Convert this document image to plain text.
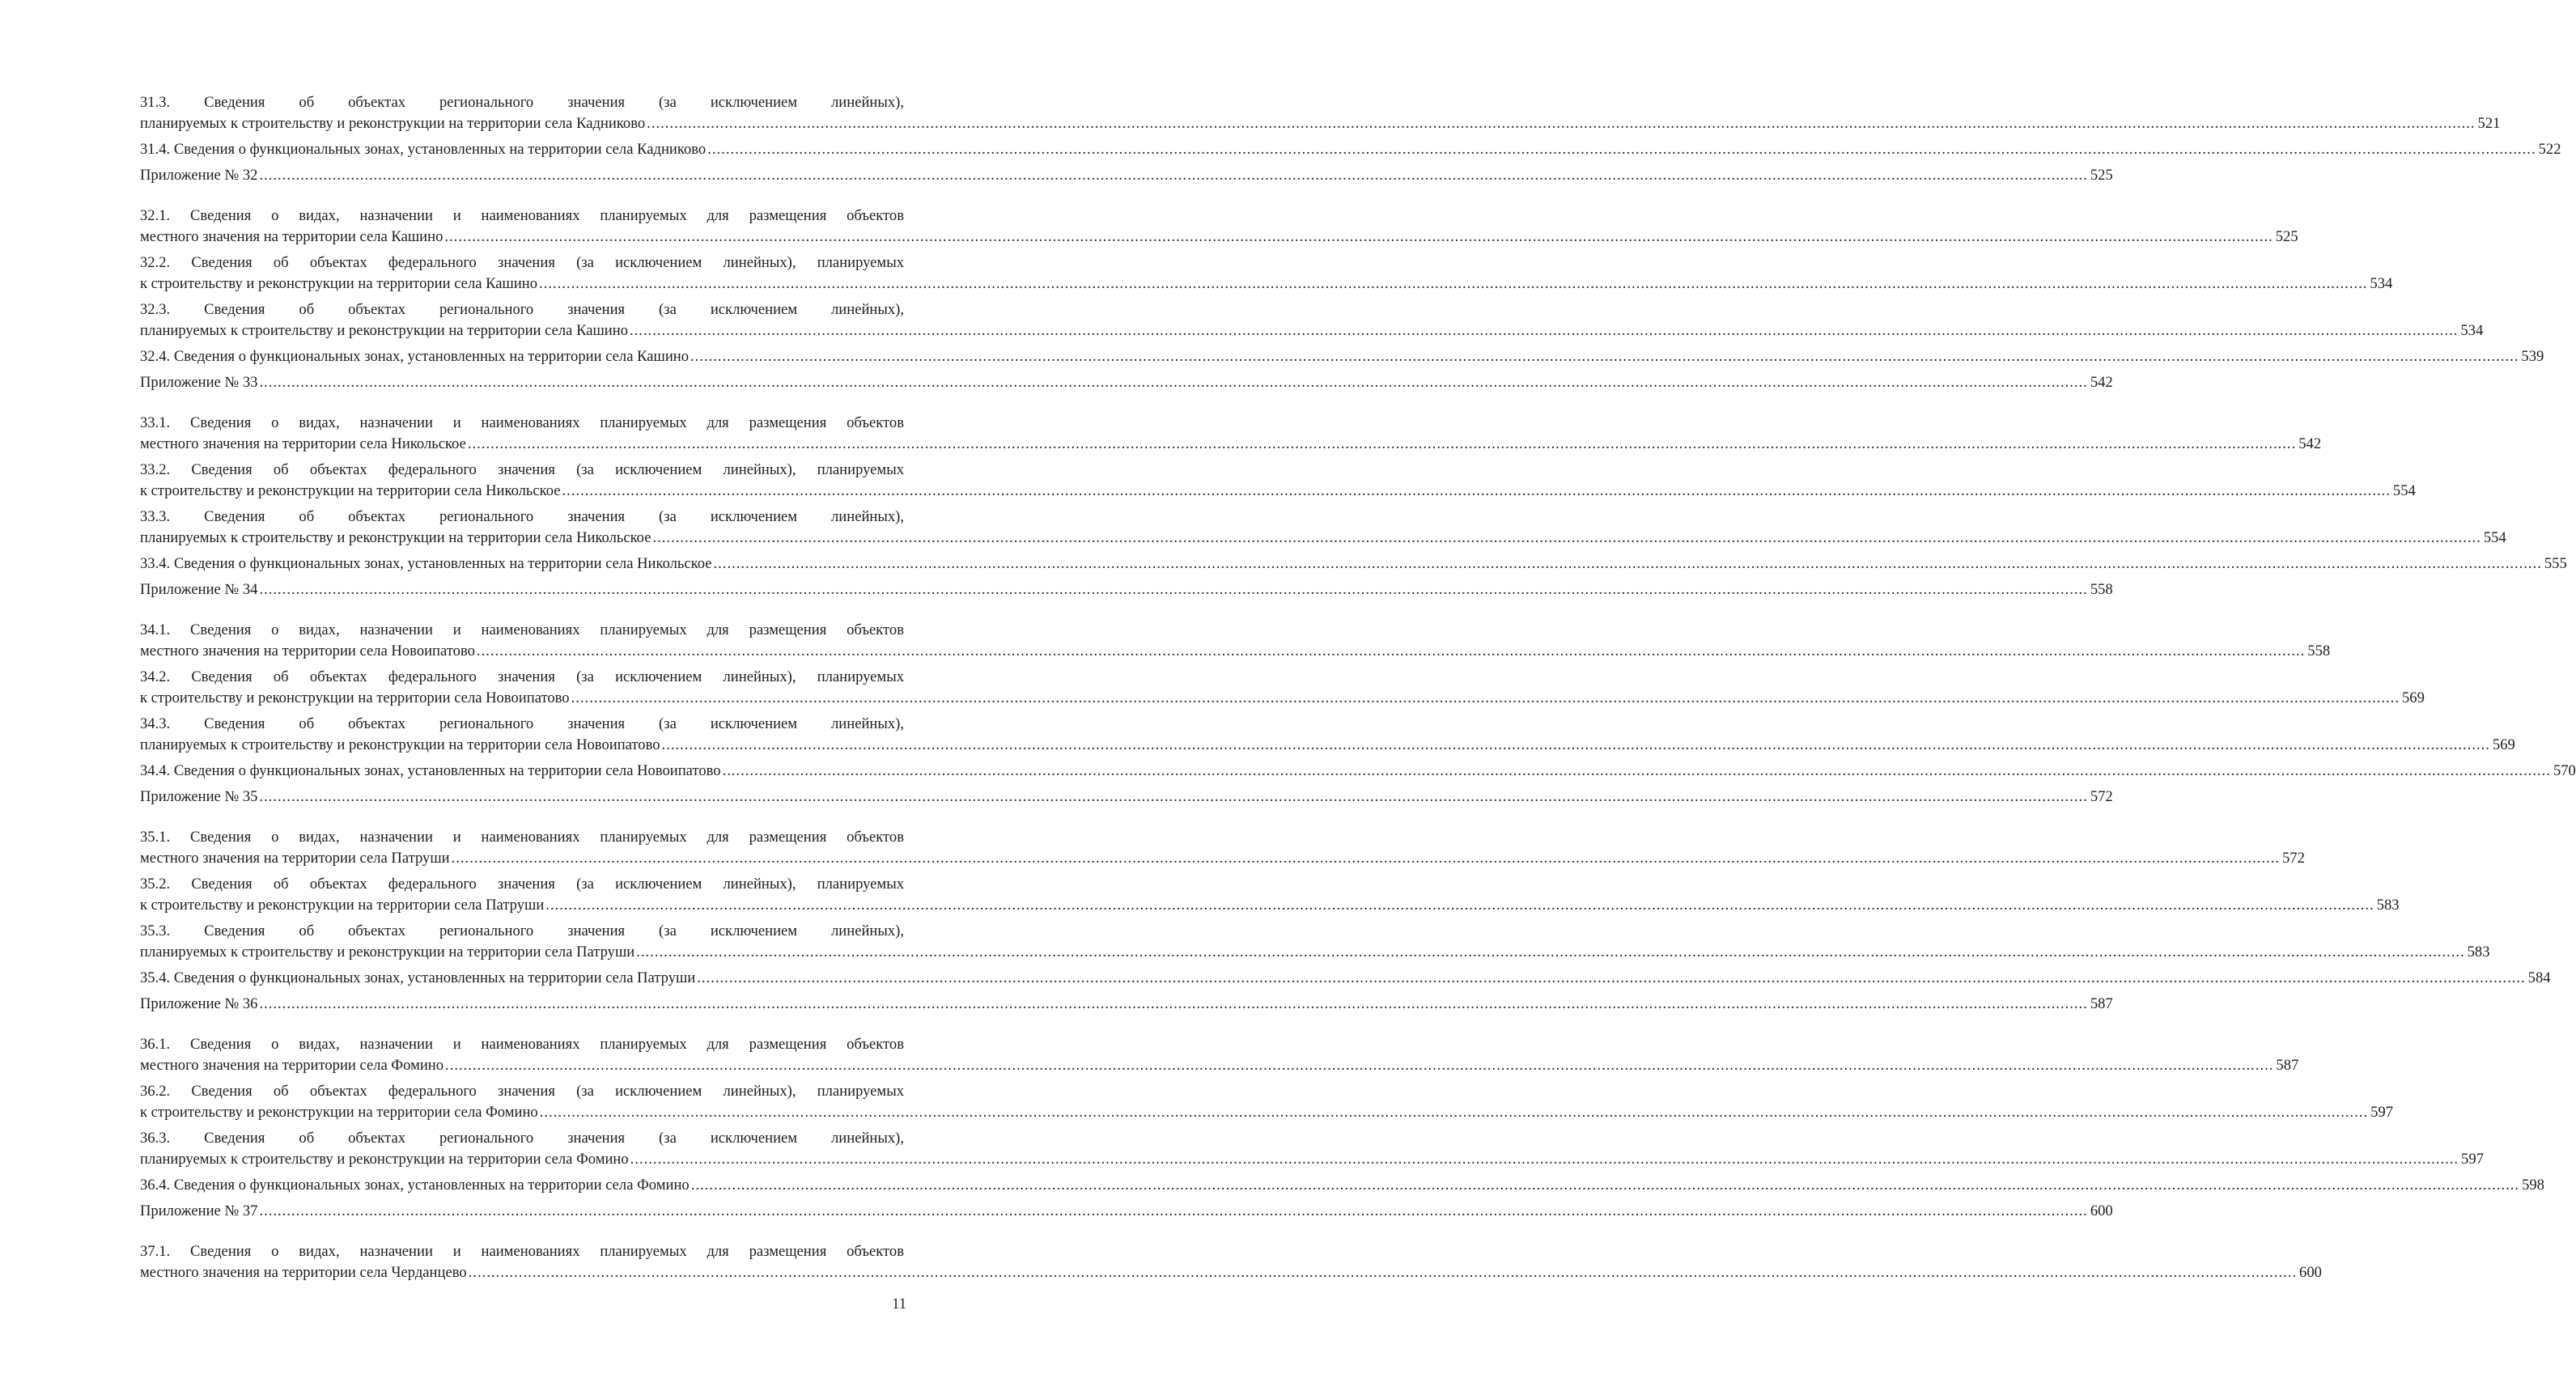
31.3. Сведения об объектах регионального значения (за исключением линейных),
планируемых к строительству и реконструкции на территории села Кадниково ................................................................................................................................................................................................................................................................................................................................................................................................................ 521
31.4. Сведения о функциональных зонах, установленных на территории села Кадниково ................................................................................................................................................................................................................................................................................................................................................................................................................ 522
Приложение № 32 ................................................................................................................................................................................................................................................................................................................................................................................................................ 525
32.1. Сведения о видах, назначении и наименованиях планируемых для размещения объектов
местного значения на территории села Кашино ................................................................................................................................................................................................................................................................................................................................................................................................................ 525
32.2. Сведения об объектах федерального значения (за исключением линейных), планируемых
к строительству и реконструкции на территории села Кашино ................................................................................................................................................................................................................................................................................................................................................................................................................ 534
32.3. Сведения об объектах регионального значения (за исключением линейных),
планируемых к строительству и реконструкции на территории села Кашино ................................................................................................................................................................................................................................................................................................................................................................................................................ 534
32.4. Сведения о функциональных зонах, установленных на территории села Кашино ................................................................................................................................................................................................................................................................................................................................................................................................................ 539
Приложение № 33 ................................................................................................................................................................................................................................................................................................................................................................................................................ 542
33.1. Сведения о видах, назначении и наименованиях планируемых для размещения объектов
местного значения на территории села Никольское ................................................................................................................................................................................................................................................................................................................................................................................................................ 542
33.2. Сведения об объектах федерального значения (за исключением линейных), планируемых
к строительству и реконструкции на территории села Никольское ................................................................................................................................................................................................................................................................................................................................................................................................................ 554
33.3. Сведения об объектах регионального значения (за исключением линейных),
планируемых к строительству и реконструкции на территории села Никольское ................................................................................................................................................................................................................................................................................................................................................................................................................ 554
33.4. Сведения о функциональных зонах, установленных на территории села Никольское ................................................................................................................................................................................................................................................................................................................................................................................................................ 555
Приложение № 34 ................................................................................................................................................................................................................................................................................................................................................................................................................ 558
34.1. Сведения о видах, назначении и наименованиях планируемых для размещения объектов
местного значения на территории села Новоипатово ................................................................................................................................................................................................................................................................................................................................................................................................................ 558
34.2. Сведения об объектах федерального значения (за исключением линейных), планируемых
к строительству и реконструкции на территории села Новоипатово ................................................................................................................................................................................................................................................................................................................................................................................................................ 569
34.3. Сведения об объектах регионального значения (за исключением линейных),
планируемых к строительству и реконструкции на территории села Новоипатово ................................................................................................................................................................................................................................................................................................................................................................................................................ 569
34.4. Сведения о функциональных зонах, установленных на территории села Новоипатово ................................................................................................................................................................................................................................................................................................................................................................................................................ 570
Приложение № 35 ................................................................................................................................................................................................................................................................................................................................................................................................................ 572
35.1. Сведения о видах, назначении и наименованиях планируемых для размещения объектов
местного значения на территории села Патруши ................................................................................................................................................................................................................................................................................................................................................................................................................ 572
35.2. Сведения об объектах федерального значения (за исключением линейных), планируемых
к строительству и реконструкции на территории села Патруши ................................................................................................................................................................................................................................................................................................................................................................................................................ 583
35.3. Сведения об объектах регионального значения (за исключением линейных),
планируемых к строительству и реконструкции на территории села Патруши ................................................................................................................................................................................................................................................................................................................................................................................................................ 583
35.4. Сведения о функциональных зонах, установленных на территории села Патруши ................................................................................................................................................................................................................................................................................................................................................................................................................ 584
Приложение № 36 ................................................................................................................................................................................................................................................................................................................................................................................................................ 587
36.1. Сведения о видах, назначении и наименованиях планируемых для размещения объектов
местного значения на территории села Фомино ................................................................................................................................................................................................................................................................................................................................................................................................................ 587
36.2. Сведения об объектах федерального значения (за исключением линейных), планируемых
к строительству и реконструкции на территории села Фомино ................................................................................................................................................................................................................................................................................................................................................................................................................ 597
36.3. Сведения об объектах регионального значения (за исключением линейных),
планируемых к строительству и реконструкции на территории села Фомино ................................................................................................................................................................................................................................................................................................................................................................................................................ 597
36.4. Сведения о функциональных зонах, установленных на территории села Фомино ................................................................................................................................................................................................................................................................................................................................................................................................................ 598
Приложение № 37 ................................................................................................................................................................................................................................................................................................................................................................................................................ 600
37.1. Сведения о видах, назначении и наименованиях планируемых для размещения объектов
местного значения на территории села Черданцево ................................................................................................................................................................................................................................................................................................................................................................................................................ 600
11
